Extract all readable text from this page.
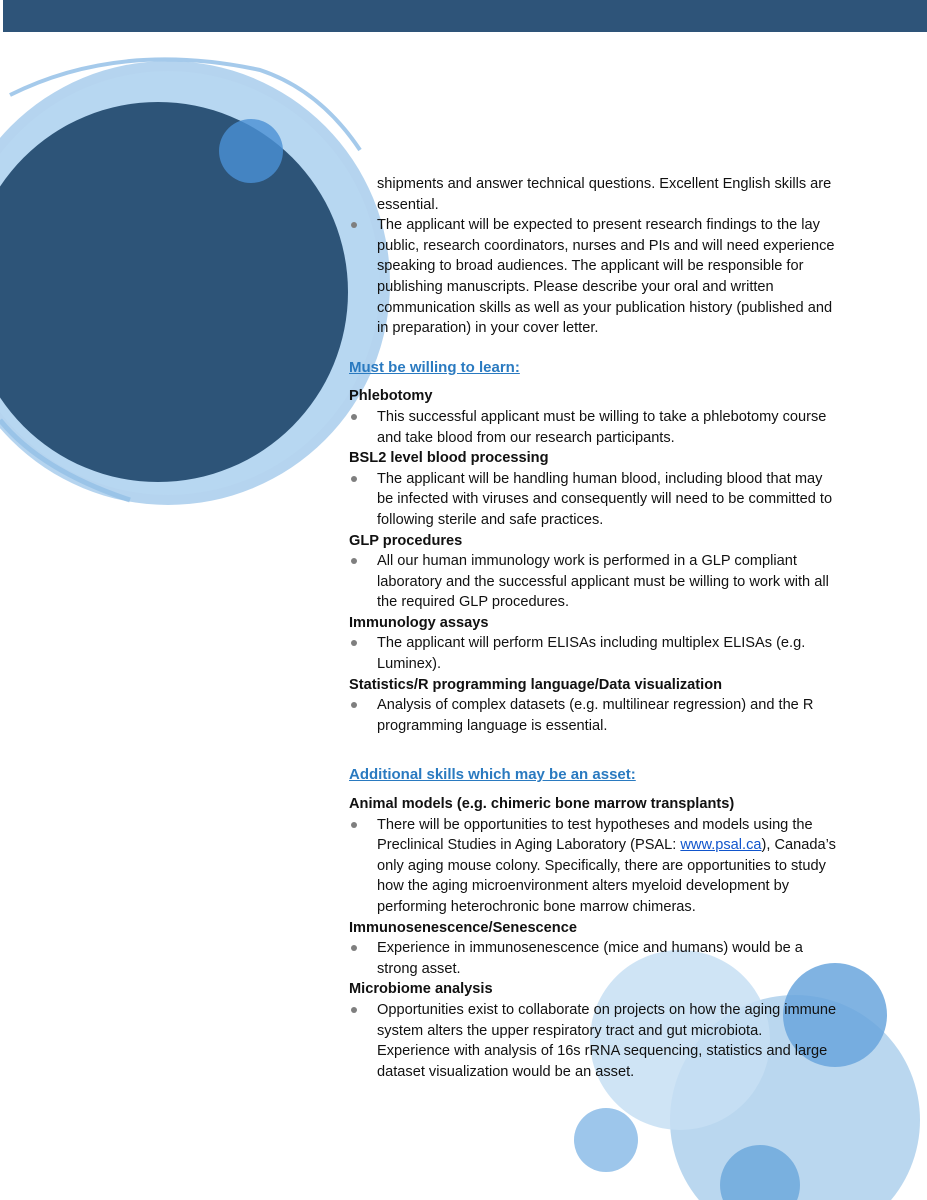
shipments and answer technical questions. Excellent English skills are essential.
The applicant will be expected to present research findings to the lay public, research coordinators, nurses and PIs and will need experience speaking to broad audiences. The applicant will be responsible for publishing manuscripts. Please describe your oral and written communication skills as well as your publication history (published and in preparation) in your cover letter.
Must be willing to learn:
Phlebotomy
This successful applicant must be willing to take a phlebotomy course and take blood from our research participants.
BSL2 level blood processing
The applicant will be handling human blood, including blood that may be infected with viruses and consequently will need to be committed to following sterile and safe practices.
GLP procedures
All our human immunology work is performed in a GLP compliant laboratory and the successful applicant must be willing to work with all the required GLP procedures.
Immunology assays
The applicant will perform ELISAs including multiplex ELISAs (e.g. Luminex).
Statistics/R programming language/Data visualization
Analysis of complex datasets (e.g. multilinear regression) and the R programming language is essential.
Additional skills which may be an asset:
Animal models (e.g. chimeric bone marrow transplants)
There will be opportunities to test hypotheses and models using the Preclinical Studies in Aging Laboratory (PSAL: www.psal.ca), Canada’s only aging mouse colony. Specifically, there are opportunities to study how the aging microenvironment alters myeloid development by performing heterochronic bone marrow chimeras.
Immunosenescence/Senescence
Experience in immunosenescence (mice and humans) would be a strong asset.
Microbiome analysis
Opportunities exist to collaborate on projects on how the aging immune system alters the upper respiratory tract and gut microbiota. Experience with analysis of 16s rRNA sequencing, statistics and large dataset visualization would be an asset.
